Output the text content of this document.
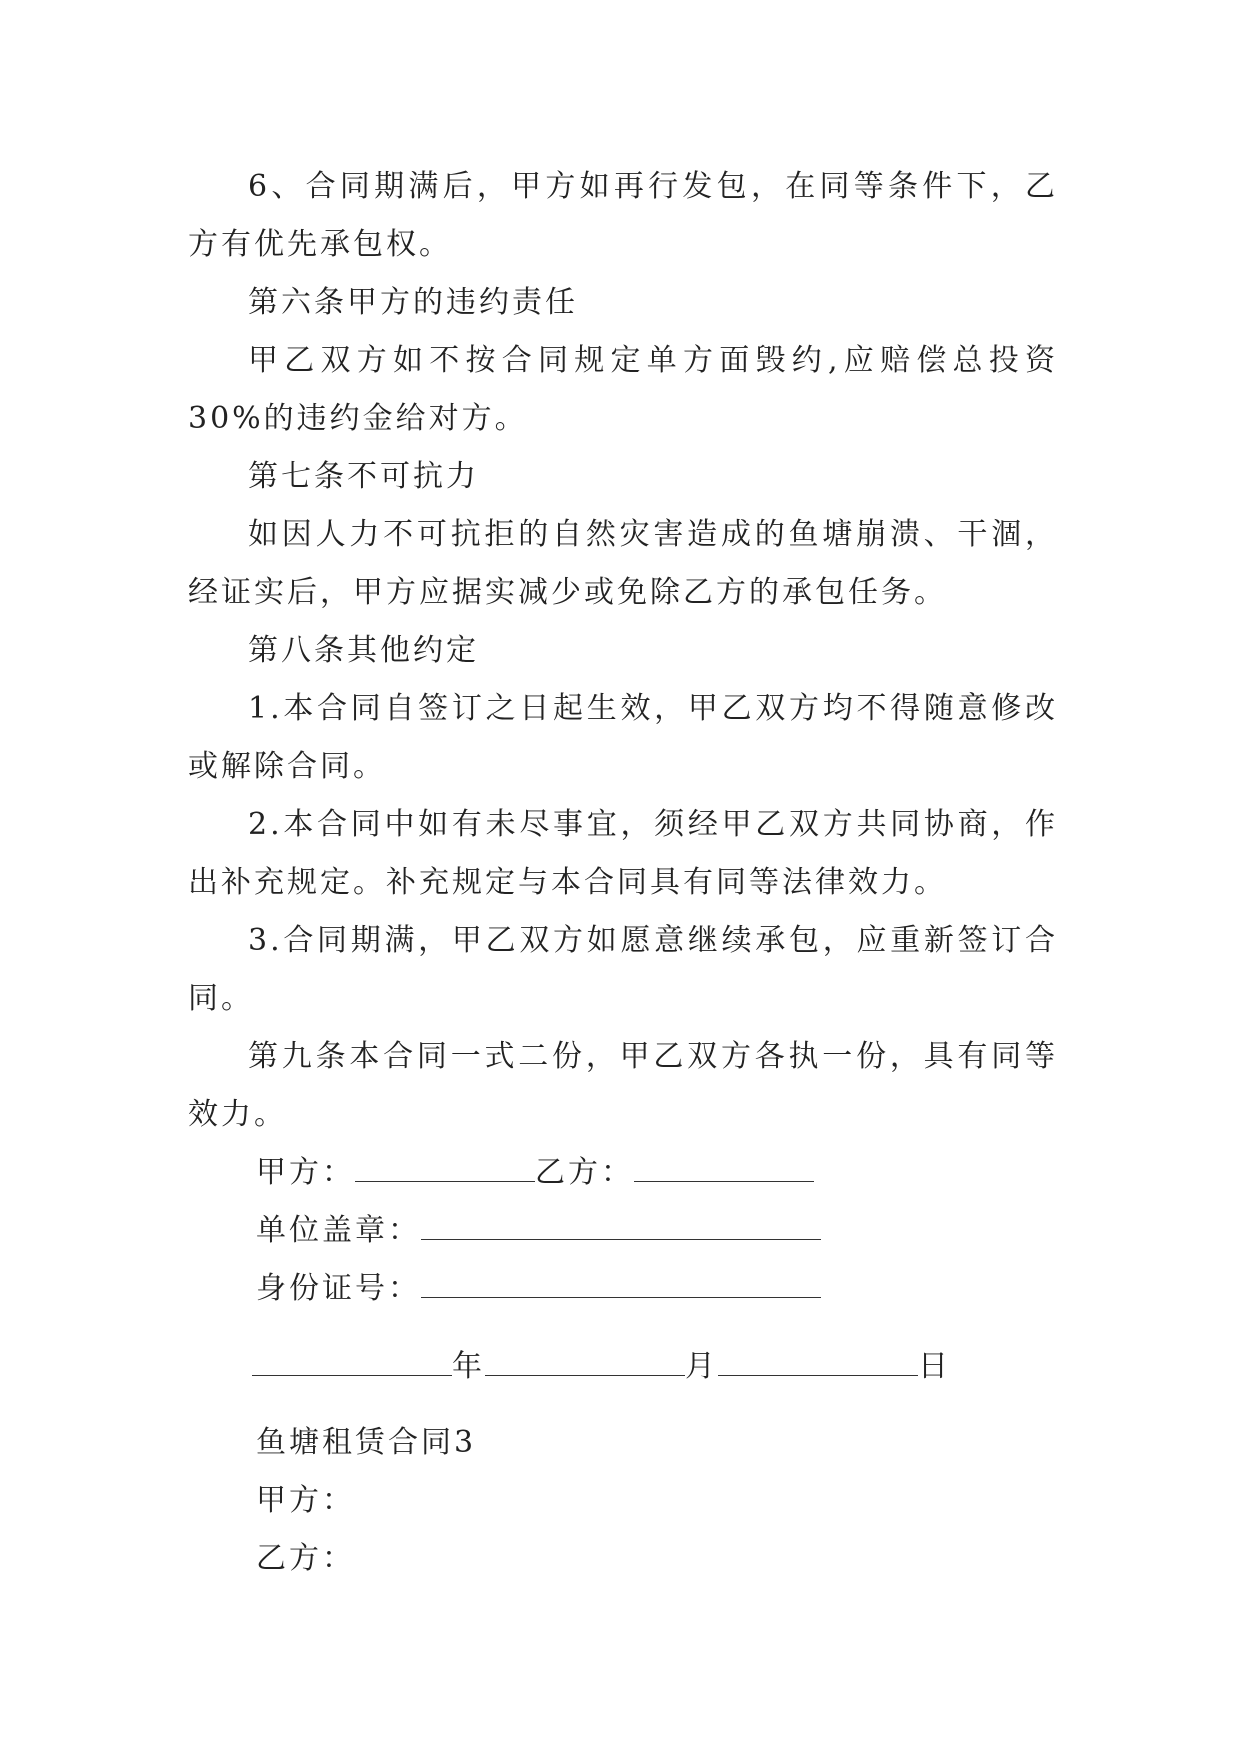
6、合同期满后，甲方如再行发包，在同等条件下，乙方有优先承包权。

第六条甲方的违约责任

甲乙双方如不按合同规定单方面毁约,应赔偿总投资30%的违约金给对方。

第七条不可抗力

如因人力不可抗拒的自然灾害造成的鱼塘崩溃、干涸，经证实后，甲方应据实减少或免除乙方的承包任务。

第八条其他约定

1.本合同自签订之日起生效，甲乙双方均不得随意修改或解除合同。

2.本合同中如有未尽事宜，须经甲乙双方共同协商，作出补充规定。补充规定与本合同具有同等法律效力。

3.合同期满，甲乙双方如愿意继续承包，应重新签订合同。

第九条本合同一式二份，甲乙双方各执一份，具有同等效力。

甲方：	乙方：

单位盖章：

身份证号：

年	月	日

鱼塘租赁合同3

甲方：

乙方：
